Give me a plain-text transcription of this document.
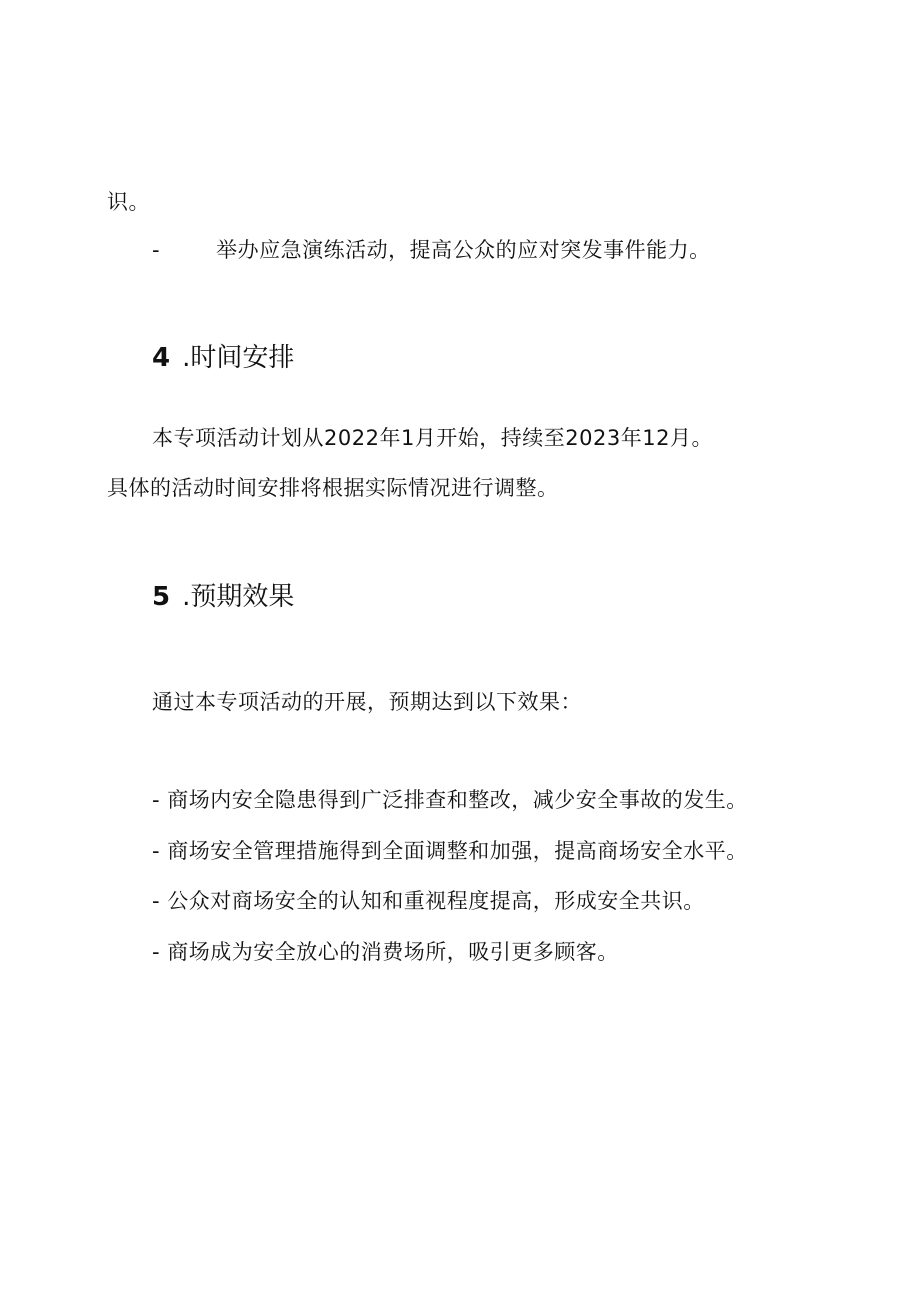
识。
-	举办应急演练活动，提高公众的应对突发事件能力。
4 .时间安排
本专项活动计划从2022年1月开始，持续至2023年12月。
具体的活动时间安排将根据实际情况进行调整。
5 .预期效果
通过本专项活动的开展，预期达到以下效果：
- 商场内安全隐患得到广泛排查和整改，减少安全事故的发生。
- 商场安全管理措施得到全面调整和加强，提高商场安全水平。
- 公众对商场安全的认知和重视程度提高，形成安全共识。
- 商场成为安全放心的消费场所，吸引更多顾客。
